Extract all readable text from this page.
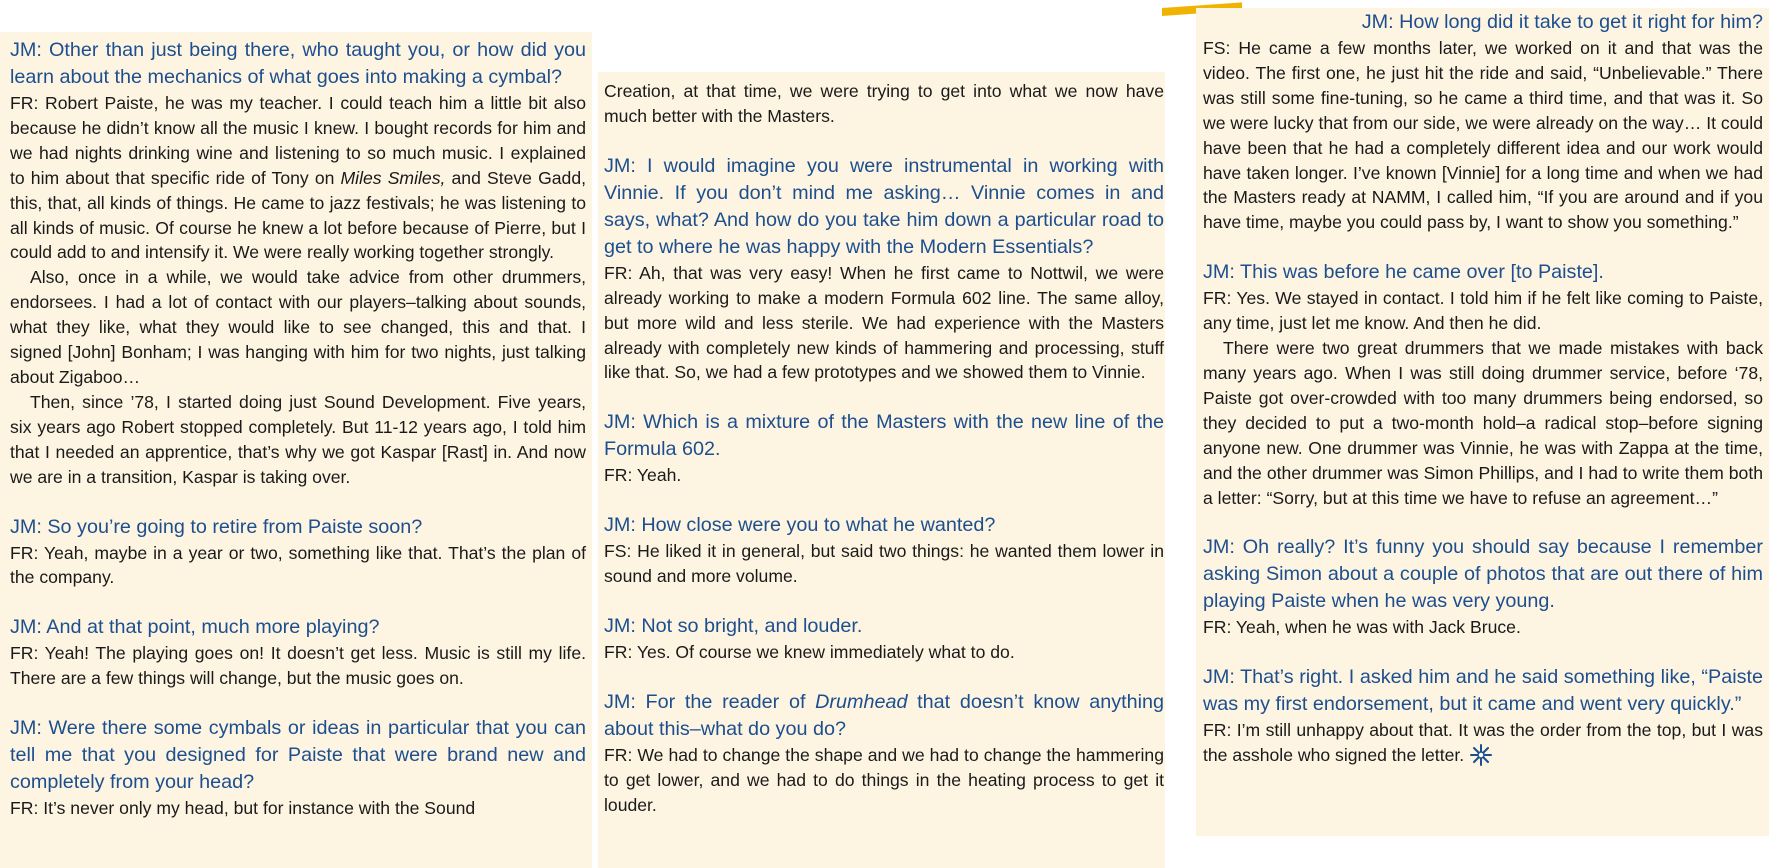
JM: Other than just being there, who taught you, or how did you learn about the mechanics of what goes into making a cymbal?

FR: Robert Paiste, he was my teacher. I could teach him a little bit also because he didn’t know all the music I knew. I bought records for him and we had nights drinking wine and listening to so much music. I explained to him about that specific ride of Tony on Miles Smiles, and Steve Gadd, this, that, all kinds of things. He came to jazz festivals; he was listening to all kinds of music. Of course he knew a lot before because of Pierre, but I could add to and intensify it. We were really working together strongly.

Also, once in a while, we would take advice from other drummers, endorsees. I had a lot of contact with our players–talking about sounds, what they like, what they would like to see changed, this and that. I signed [John] Bonham; I was hanging with him for two nights, just talking about Zigaboo…

Then, since ’78, I started doing just Sound Development. Five years, six years ago Robert stopped completely. But 11-12 years ago, I told him that I needed an apprentice, that’s why we got Kaspar [Rast] in. And now we are in a transition, Kaspar is taking over.

JM: So you’re going to retire from Paiste soon?

FR: Yeah, maybe in a year or two, something like that. That’s the plan of the company.

JM: And at that point, much more playing?

FR: Yeah! The playing goes on! It doesn’t get less. Music is still my life. There are a few things will change, but the music goes on.

JM: Were there some cymbals or ideas in particular that you can tell me that you designed for Paiste that were brand new and completely from your head?

FR: It’s never only my head, but for instance with the Sound

Creation, at that time, we were trying to get into what we now have much better with the Masters.

JM: I would imagine you were instrumental in working with Vinnie. If you don’t mind me asking… Vinnie comes in and says, what? And how do you take him down a particular road to get to where he was happy with the Modern Essentials?

FR: Ah, that was very easy! When he first came to Nottwil, we were already working to make a modern Formula 602 line. The same alloy, but more wild and less sterile. We had experience with the Masters already with completely new kinds of hammering and processing, stuff like that. So, we had a few prototypes and we showed them to Vinnie.

JM: Which is a mixture of the Masters with the new line of the Formula 602.

FR: Yeah.

JM: How close were you to what he wanted?

FS: He liked it in general, but said two things: he wanted them lower in sound and more volume.

JM: Not so bright, and louder.

FR: Yes. Of course we knew immediately what to do.

JM: For the reader of Drumhead that doesn’t know anything about this–what do you do?

FR: We had to change the shape and we had to change the hammering to get lower, and we had to do things in the heating process to get it louder.

JM: How long did it take to get it right for him?

FS: He came a few months later, we worked on it and that was the video. The first one, he just hit the ride and said, “Unbelievable.” There was still some fine-tuning, so he came a third time, and that was it. So we were lucky that from our side, we were already on the way… It could have been that he had a completely different idea and our work would have taken longer. I’ve known [Vinnie] for a long time and when we had the Masters ready at NAMM, I called him, “If you are around and if you have time, maybe you could pass by, I want to show you something.”

JM: This was before he came over [to Paiste].

FR: Yes. We stayed in contact. I told him if he felt like coming to Paiste, any time, just let me know. And then he did.

There were two great drummers that we made mistakes with back many years ago. When I was still doing drummer service, before ‘78, Paiste got over-crowded with too many drummers being endorsed, so they decided to put a two-month hold–a radical stop–before signing anyone new. One drummer was Vinnie, he was with Zappa at the time, and the other drummer was Simon Phillips, and I had to write them both a letter: “Sorry, but at this time we have to refuse an agreement…”

JM: Oh really? It’s funny you should say because I remember asking Simon about a couple of photos that are out there of him playing Paiste when he was very young.

FR: Yeah, when he was with Jack Bruce.

JM: That’s right. I asked him and he said something like, “Paiste was my first endorsement, but it came and went very quickly.”

FR: I’m still unhappy about that. It was the order from the top, but I was the asshole who signed the letter.
